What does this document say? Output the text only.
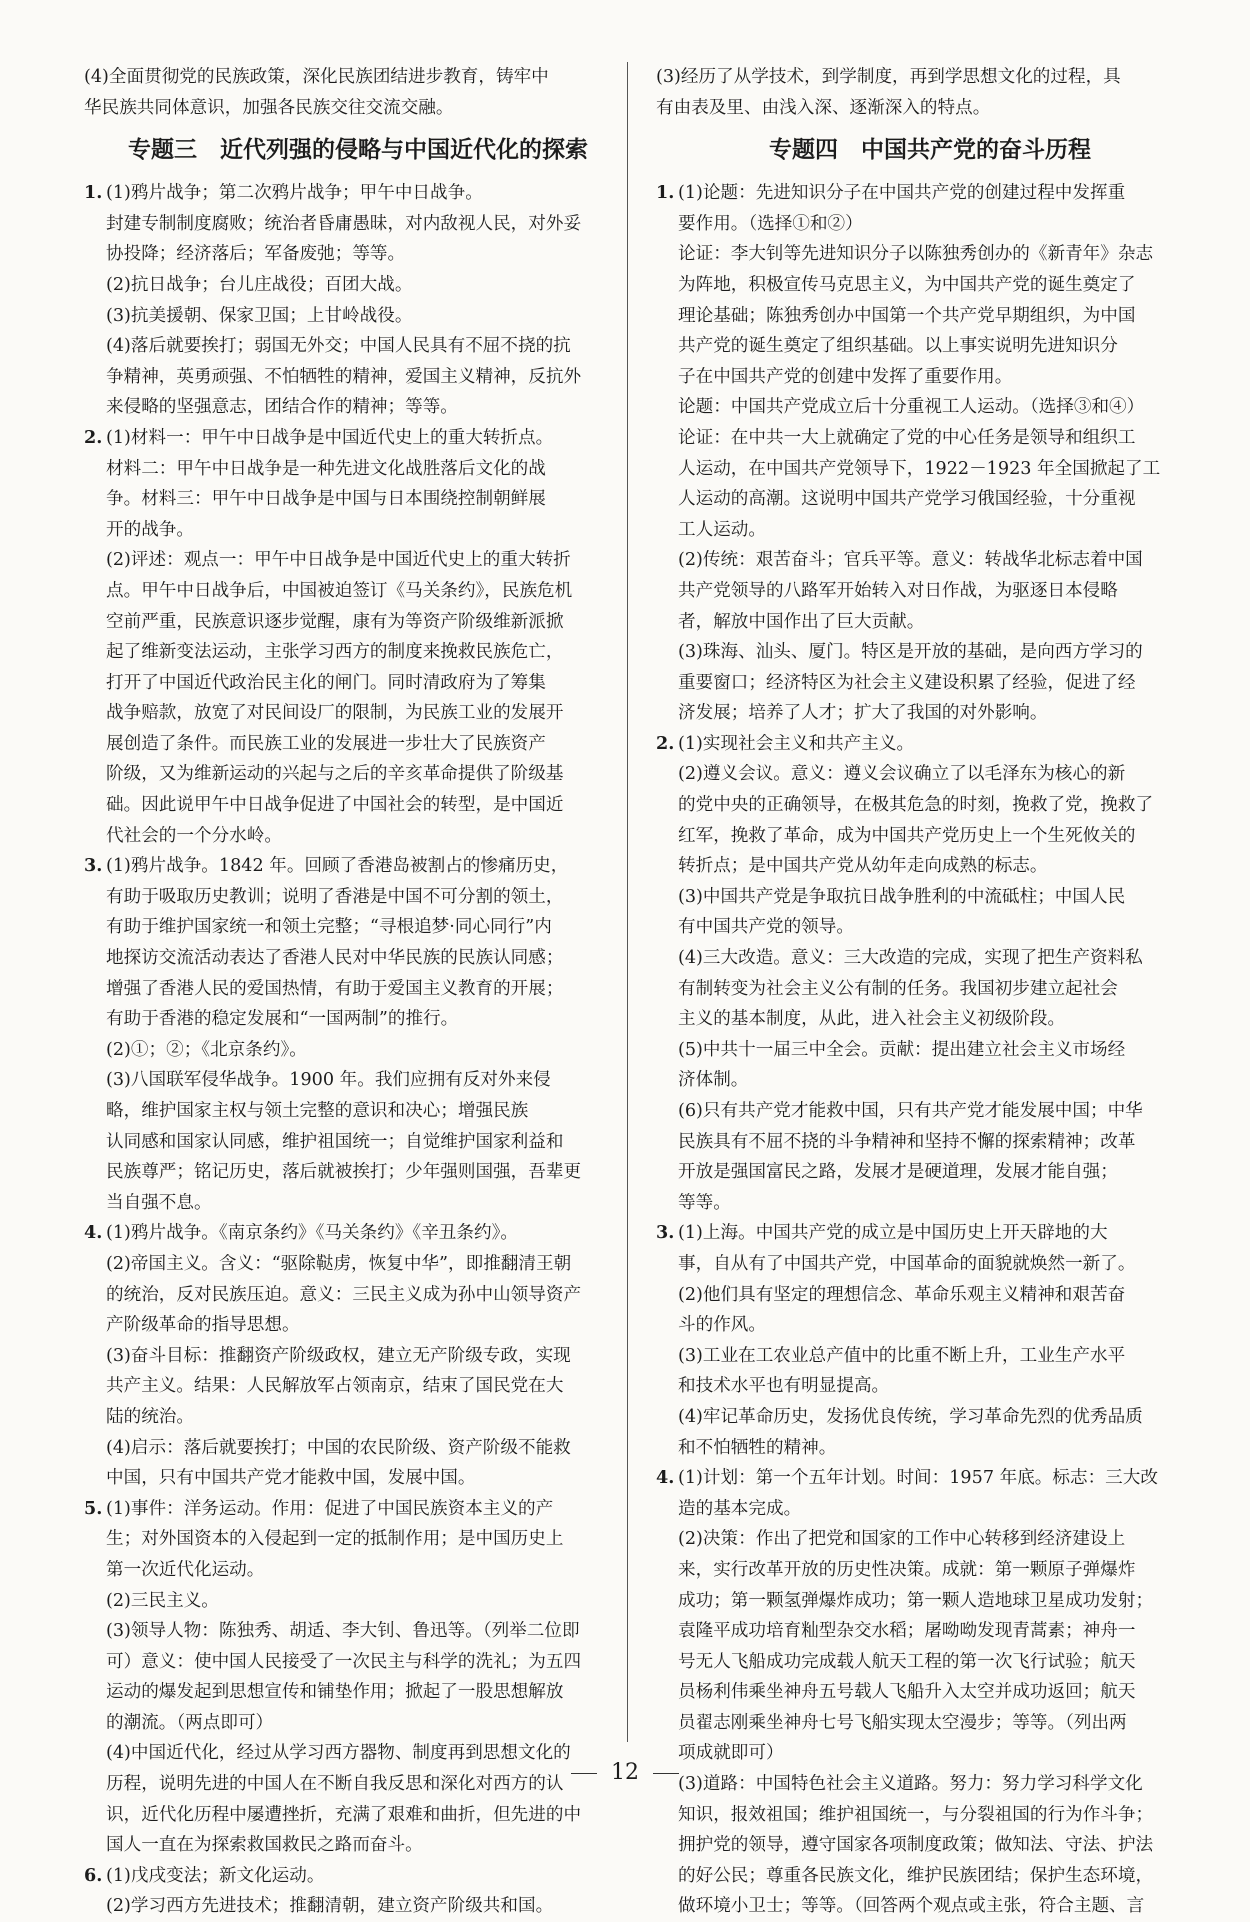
(4)全面贯彻党的民族政策，深化民族团结进步教育，铸牢中
华民族共同体意识，加强各民族交往交流交融。
专题三　近代列强的侵略与中国近代化的探索
1. (1)鸦片战争；第二次鸦片战争；甲午中日战争。
封建专制制度腐败；统治者昏庸愚昧，对内敌视人民，对外妥
协投降；经济落后；军备废弛；等等。
(2)抗日战争；台儿庄战役；百团大战。
(3)抗美援朝、保家卫国；上甘岭战役。
(4)落后就要挨打；弱国无外交；中国人民具有不屈不挠的抗
争精神，英勇顽强、不怕牺牲的精神，爱国主义精神，反抗外
来侵略的坚强意志，团结合作的精神；等等。
2. (1)材料一：甲午中日战争是中国近代史上的重大转折点。
材料二：甲午中日战争是一种先进文化战胜落后文化的战
争。材料三：甲午中日战争是中国与日本围绕控制朝鲜展
开的战争。
(2)评述：观点一：甲午中日战争是中国近代史上的重大转折
点。甲午中日战争后，中国被迫签订《马关条约》，民族危机
空前严重，民族意识逐步觉醒，康有为等资产阶级维新派掀
起了维新变法运动，主张学习西方的制度来挽救民族危亡，
打开了中国近代政治民主化的闸门。同时清政府为了筹集
战争赔款，放宽了对民间设厂的限制，为民族工业的发展开
展创造了条件。而民族工业的发展进一步壮大了民族资产
阶级，又为维新运动的兴起与之后的辛亥革命提供了阶级基
础。因此说甲午中日战争促进了中国社会的转型，是中国近
代社会的一个分水岭。
3. (1)鸦片战争。1842 年。回顾了香港岛被割占的惨痛历史，
有助于吸取历史教训；说明了香港是中国不可分割的领土，
有助于维护国家统一和领土完整；“寻根追梦·同心同行”内
地探访交流活动表达了香港人民对中华民族的民族认同感；
增强了香港人民的爱国热情，有助于爱国主义教育的开展；
有助于香港的稳定发展和“一国两制”的推行。
(2)①；②；《北京条约》。
(3)八国联军侵华战争。1900 年。我们应拥有反对外来侵
略，维护国家主权与领土完整的意识和决心；增强民族
认同感和国家认同感，维护祖国统一；自觉维护国家利益和
民族尊严；铭记历史，落后就被挨打；少年强则国强，吾辈更
当自强不息。
4. (1)鸦片战争。《南京条约》《马关条约》《辛丑条约》。
(2)帝国主义。含义：“驱除鞑虏，恢复中华”，即推翻清王朝
的统治，反对民族压迫。意义：三民主义成为孙中山领导资产
产阶级革命的指导思想。
(3)奋斗目标：推翻资产阶级政权，建立无产阶级专政，实现
共产主义。结果：人民解放军占领南京，结束了国民党在大
陆的统治。
(4)启示：落后就要挨打；中国的农民阶级、资产阶级不能救
中国，只有中国共产党才能救中国，发展中国。
5. (1)事件：洋务运动。作用：促进了中国民族资本主义的产
生；对外国资本的入侵起到一定的抵制作用；是中国历史上
第一次近代化运动。
(2)三民主义。
(3)领导人物：陈独秀、胡适、李大钊、鲁迅等。（列举二位即
可）意义：使中国人民接受了一次民主与科学的洗礼；为五四
运动的爆发起到思想宣传和铺垫作用；掀起了一股思想解放
的潮流。（两点即可）
(4)中国近代化，经过从学习西方器物、制度再到思想文化的
历程，说明先进的中国人在不断自我反思和深化对西方的认
识，近代化历程中屡遭挫折，充满了艰难和曲折，但先进的中
国人一直在为探索救国救民之路而奋斗。
6. (1)戊戌变法；新文化运动。
(2)学习西方先进技术；推翻清朝，建立资产阶级共和国。
(3)经历了从学技术，到学制度，再到学思想文化的过程，具
有由表及里、由浅入深、逐渐深入的特点。
专题四　中国共产党的奋斗历程
1. (1)论题：先进知识分子在中国共产党的创建过程中发挥重
要作用。（选择①和②）
论证：李大钊等先进知识分子以陈独秀创办的《新青年》杂志
为阵地，积极宣传马克思主义，为中国共产党的诞生奠定了
理论基础；陈独秀创办中国第一个共产党早期组织，为中国
共产党的诞生奠定了组织基础。以上事实说明先进知识分
子在中国共产党的创建中发挥了重要作用。
论题：中国共产党成立后十分重视工人运动。（选择③和④）
论证：在中共一大上就确定了党的中心任务是领导和组织工
人运动，在中国共产党领导下，1922－1923 年全国掀起了工
人运动的高潮。这说明中国共产党学习俄国经验，十分重视
工人运动。
(2)传统：艰苦奋斗；官兵平等。意义：转战华北标志着中国
共产党领导的八路军开始转入对日作战，为驱逐日本侵略
者，解放中国作出了巨大贡献。
(3)珠海、汕头、厦门。特区是开放的基础，是向西方学习的
重要窗口；经济特区为社会主义建设积累了经验，促进了经
济发展；培养了人才；扩大了我国的对外影响。
2. (1)实现社会主义和共产主义。
(2)遵义会议。意义：遵义会议确立了以毛泽东为核心的新
的党中央的正确领导，在极其危急的时刻，挽救了党，挽救了
红军，挽救了革命，成为中国共产党历史上一个生死攸关的
转折点；是中国共产党从幼年走向成熟的标志。
(3)中国共产党是争取抗日战争胜利的中流砥柱；中国人民
有中国共产党的领导。
(4)三大改造。意义：三大改造的完成，实现了把生产资料私
有制转变为社会主义公有制的任务。我国初步建立起社会
主义的基本制度，从此，进入社会主义初级阶段。
(5)中共十一届三中全会。贡献：提出建立社会主义市场经
济体制。
(6)只有共产党才能救中国，只有共产党才能发展中国；中华
民族具有不屈不挠的斗争精神和坚持不懈的探索精神；改革
开放是强国富民之路，发展才是硬道理，发展才能自强；
等等。
3. (1)上海。中国共产党的成立是中国历史上开天辟地的大
事，自从有了中国共产党，中国革命的面貌就焕然一新了。
(2)他们具有坚定的理想信念、革命乐观主义精神和艰苦奋
斗的作风。
(3)工业在工农业总产值中的比重不断上升，工业生产水平
和技术水平也有明显提高。
(4)牢记革命历史，发扬优良传统，学习革命先烈的优秀品质
和不怕牺牲的精神。
4. (1)计划：第一个五年计划。时间：1957 年底。标志：三大改
造的基本完成。
(2)决策：作出了把党和国家的工作中心转移到经济建设上
来，实行改革开放的历史性决策。成就：第一颗原子弹爆炸
成功；第一颗氢弹爆炸成功；第一颗人造地球卫星成功发射；
袁隆平成功培育籼型杂交水稻；屠呦呦发现青蒿素；神舟一
号无人飞船成功完成载人航天工程的第一次飞行试验；航天
员杨利伟乘坐神舟五号载人飞船升入太空并成功返回；航天
员翟志刚乘坐神舟七号飞船实现太空漫步；等等。（列出两
项成就即可）
(3)道路：中国特色社会主义道路。努力：努力学习科学文化
知识，报效祖国；维护祖国统一，与分裂祖国的行为作斗争；
拥护党的领导，遵守国家各项制度政策；做知法、守法、护法
的好公民；尊重各民族文化，维护民族团结；保护生态环境，
做环境小卫士；等等。（回答两个观点或主张，符合主题、言
12
